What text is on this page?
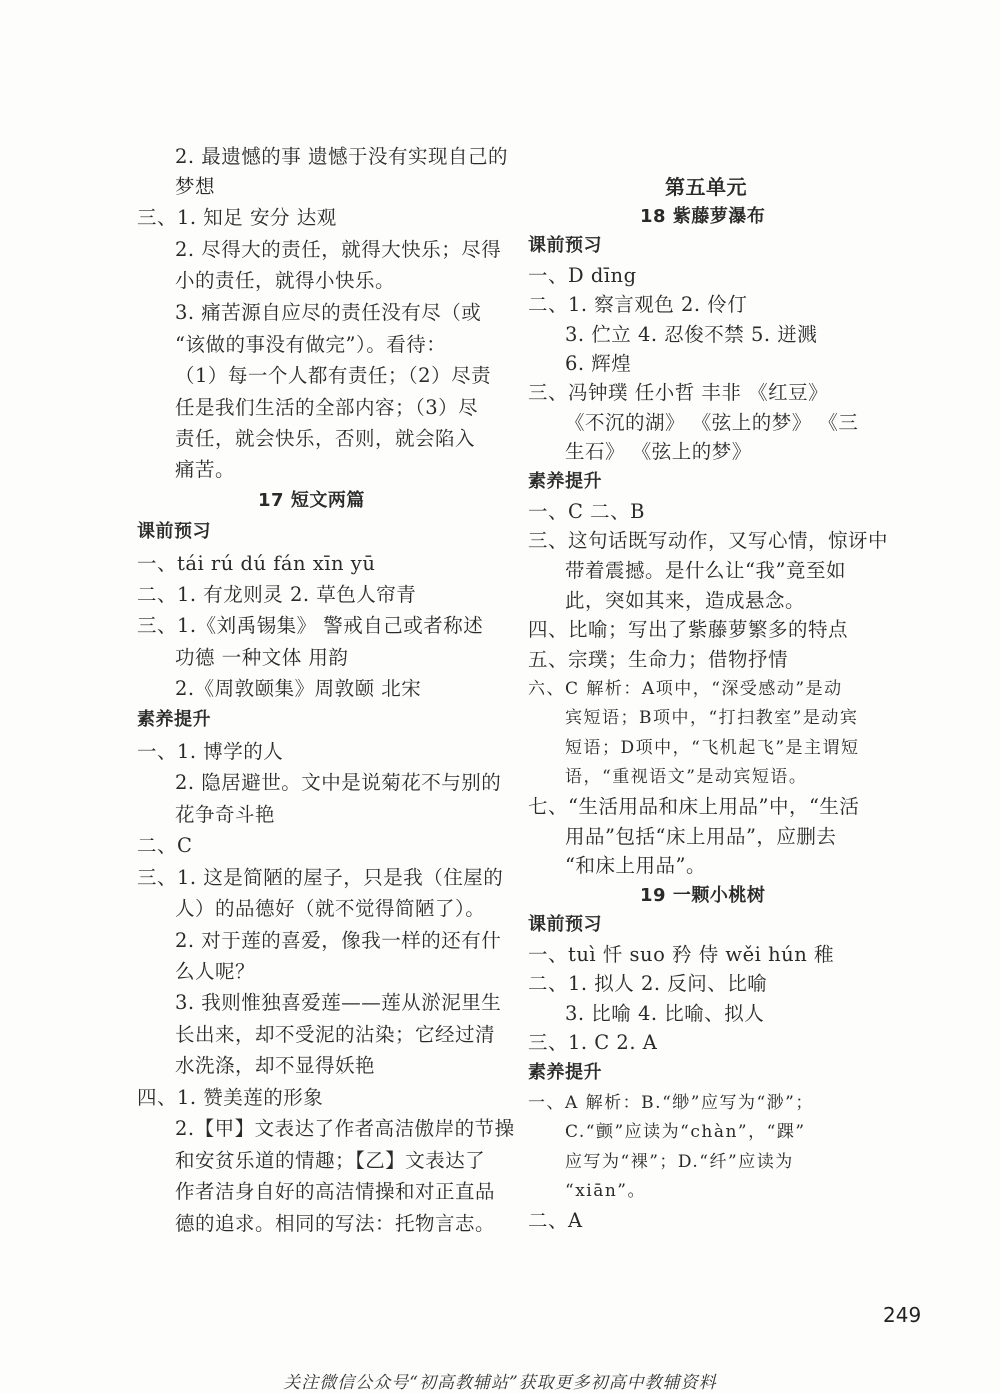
2. 最遗憾的事 遗憾于没有实现自己的
梦想
三、1. 知足 安分 达观
2. 尽得大的责任，就得大快乐；尽得
小的责任，就得小快乐。
3. 痛苦源自应尽的责任没有尽（或
“该做的事没有做完”）。看待：
（1）每一个人都有责任；（2）尽责
任是我们生活的全部内容；（3）尽
责任，就会快乐，否则，就会陷入
痛苦。
17 短文两篇
课前预习
一、tái rú dú fán xīn yū
二、1. 有龙则灵 2. 草色人帘青
三、1.《刘禹锡集》 警戒自己或者称述
功德 一种文体 用韵
2.《周敦颐集》周敦颐 北宋
素养提升
一、1. 博学的人
2. 隐居避世。文中是说菊花不与别的
花争奇斗艳
二、C
三、1. 这是简陋的屋子，只是我（住屋的
人）的品德好（就不觉得简陋了）。
2. 对于莲的喜爱，像我一样的还有什
么人呢？
3. 我则惟独喜爱莲——莲从淤泥里生
长出来，却不受泥的沾染；它经过清
水洗涤，却不显得妖艳
四、1. 赞美莲的形象
2.【甲】文表达了作者高洁傲岸的节操
和安贫乐道的情趣；【乙】文表达了
作者洁身自好的高洁情操和对正直品
德的追求。相同的写法：托物言志。
第五单元
18 紫藤萝瀑布
课前预习
一、D dīng
二、1. 察言观色 2. 伶仃
3. 伫立 4. 忍俊不禁 5. 迸溅
6. 辉煌
三、冯钟璞 任小哲 丰非 《红豆》
《不沉的湖》 《弦上的梦》 《三
生石》 《弦上的梦》
素养提升
一、C 二、B
三、这句话既写动作，又写心情，惊讶中
带着震撼。是什么让“我”竟至如
此，突如其来，造成悬念。
四、比喻；写出了紫藤萝繁多的特点
五、宗璞；生命力；借物抒情
六、C 解析：A项中，“深受感动”是动
宾短语；B项中，“打扫教室”是动宾
短语；D项中，“飞机起飞”是主谓短
语，“重视语文”是动宾短语。
七、“生活用品和床上用品”中，“生活
用品”包括“床上用品”，应删去
“和床上用品”。
19 一颗小桃树
课前预习
一、tuì 忏 suo 矜 侍 wěi hún 稚
二、1. 拟人 2. 反问、比喻
3. 比喻 4. 比喻、拟人
三、1. C 2. A
素养提升
一、A 解析：B.“缈”应写为“渺”；
C.“颤”应读为“chàn”，“踝”
应写为“裸”；D.“纤”应读为
“xiān”。
二、A
249
关注微信公众号“初高教辅站”获取更多初高中教辅资料
